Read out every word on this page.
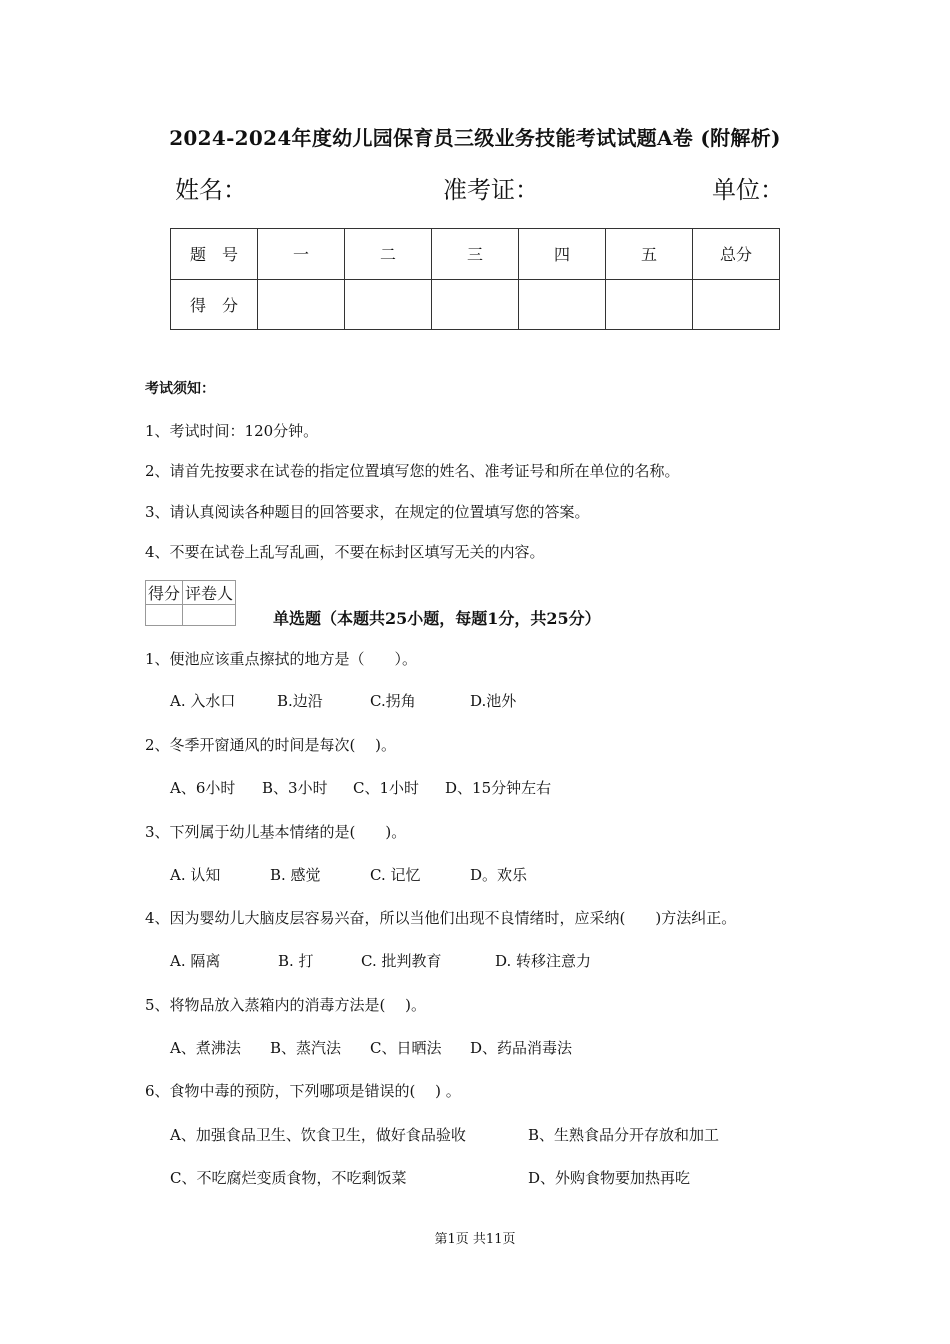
2024-2024年度幼儿园保育员三级业务技能考试试题A卷 (附解析)
姓名：	准考证：	单位：
题　号	一	二	三	四	五	总分
得　分						
考试须知：
1、考试时间：120分钟。
2、请首先按要求在试卷的指定位置填写您的姓名、准考证号和所在单位的名称。
3、请认真阅读各种题目的回答要求，在规定的位置填写您的答案。
4、不要在试卷上乱写乱画，不要在标封区填写无关的内容。
得分	评卷人

单选题（本题共25小题，每题1分，共25分）
1、便池应该重点擦拭的地方是（　　）。
A. 入水口	B.边沿	C.拐角	D.池外
2、冬季开窗通风的时间是每次(　 )。
A、6小时 B、3小时 C、1小时 D、15分钟左右
3、下列属于幼儿基本情绪的是(　　)。
A. 认知	B. 感觉	C. 记忆	D。欢乐
4、因为婴幼儿大脑皮层容易兴奋，所以当他们出现不良情绪时，应采纳(　　)方法纠正。
A. 隔离	B. 打	C. 批判教育	D. 转移注意力
5、将物品放入蒸箱内的消毒方法是(　 )。
A、煮沸法 B、蒸汽法 C、日晒法 D、药品消毒法
6、食物中毒的预防，下列哪项是错误的(　 ) 。
A、加强食品卫生、饮食卫生，做好食品验收	B、生熟食品分开存放和加工
C、不吃腐烂变质食物，不吃剩饭菜	D、外购食物要加热再吃
第1页 共11页
